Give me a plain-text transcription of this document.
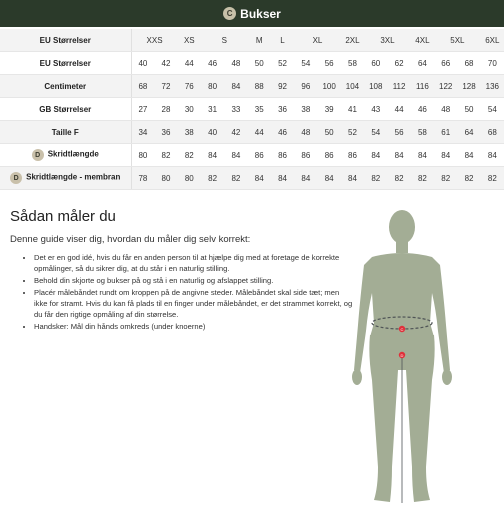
C Bukser
EU Størrelser	XXS		XS	S		M	L	XL		2XL	3XL		4XL	5XL		6XL
EU Størrelser	40	42	44	46	48	50	52	54	56	58	60	62	64	66	68	70
Centimeter	68	72	76	80	84	88	92	96	100	104	108	112	116	122	128	136
GB Størrelser	27	28	30	31	33	35	36	38	39	41	43	44	46	48	50	54
Taille F	34	36	38	40	42	44	46	48	50	52	54	56	58	61	64	68
D Skridtlængde	80	82	82	84	84	86	86	86	86	86	84	84	84	84	84	84
D Skridtlængde - membran	78	80	80	82	82	84	84	84	84	84	82	82	82	82	82	82
Sådan måler du

Denne guide viser dig, hvordan du måler dig selv korrekt:

• Det er en god idé, hvis du får en anden person til at hjælpe dig med at foretage de korrekte opmålinger, så du sikrer dig, at du står i en naturlig stilling.
• Behold din skjorte og bukser på og stå i en naturlig og afslappet stilling.
• Placér målebåndet rundt om kroppen på de angivne steder. Målebåndet skal side tæt; men ikke for stramt. Hvis du kan få plads til en finger under målebåndet, er det strammet korrekt, og du får den rigtige opmåling af din størrelse.
• Handsker: Mål din hånds omkreds (under knoerne)	C
D
